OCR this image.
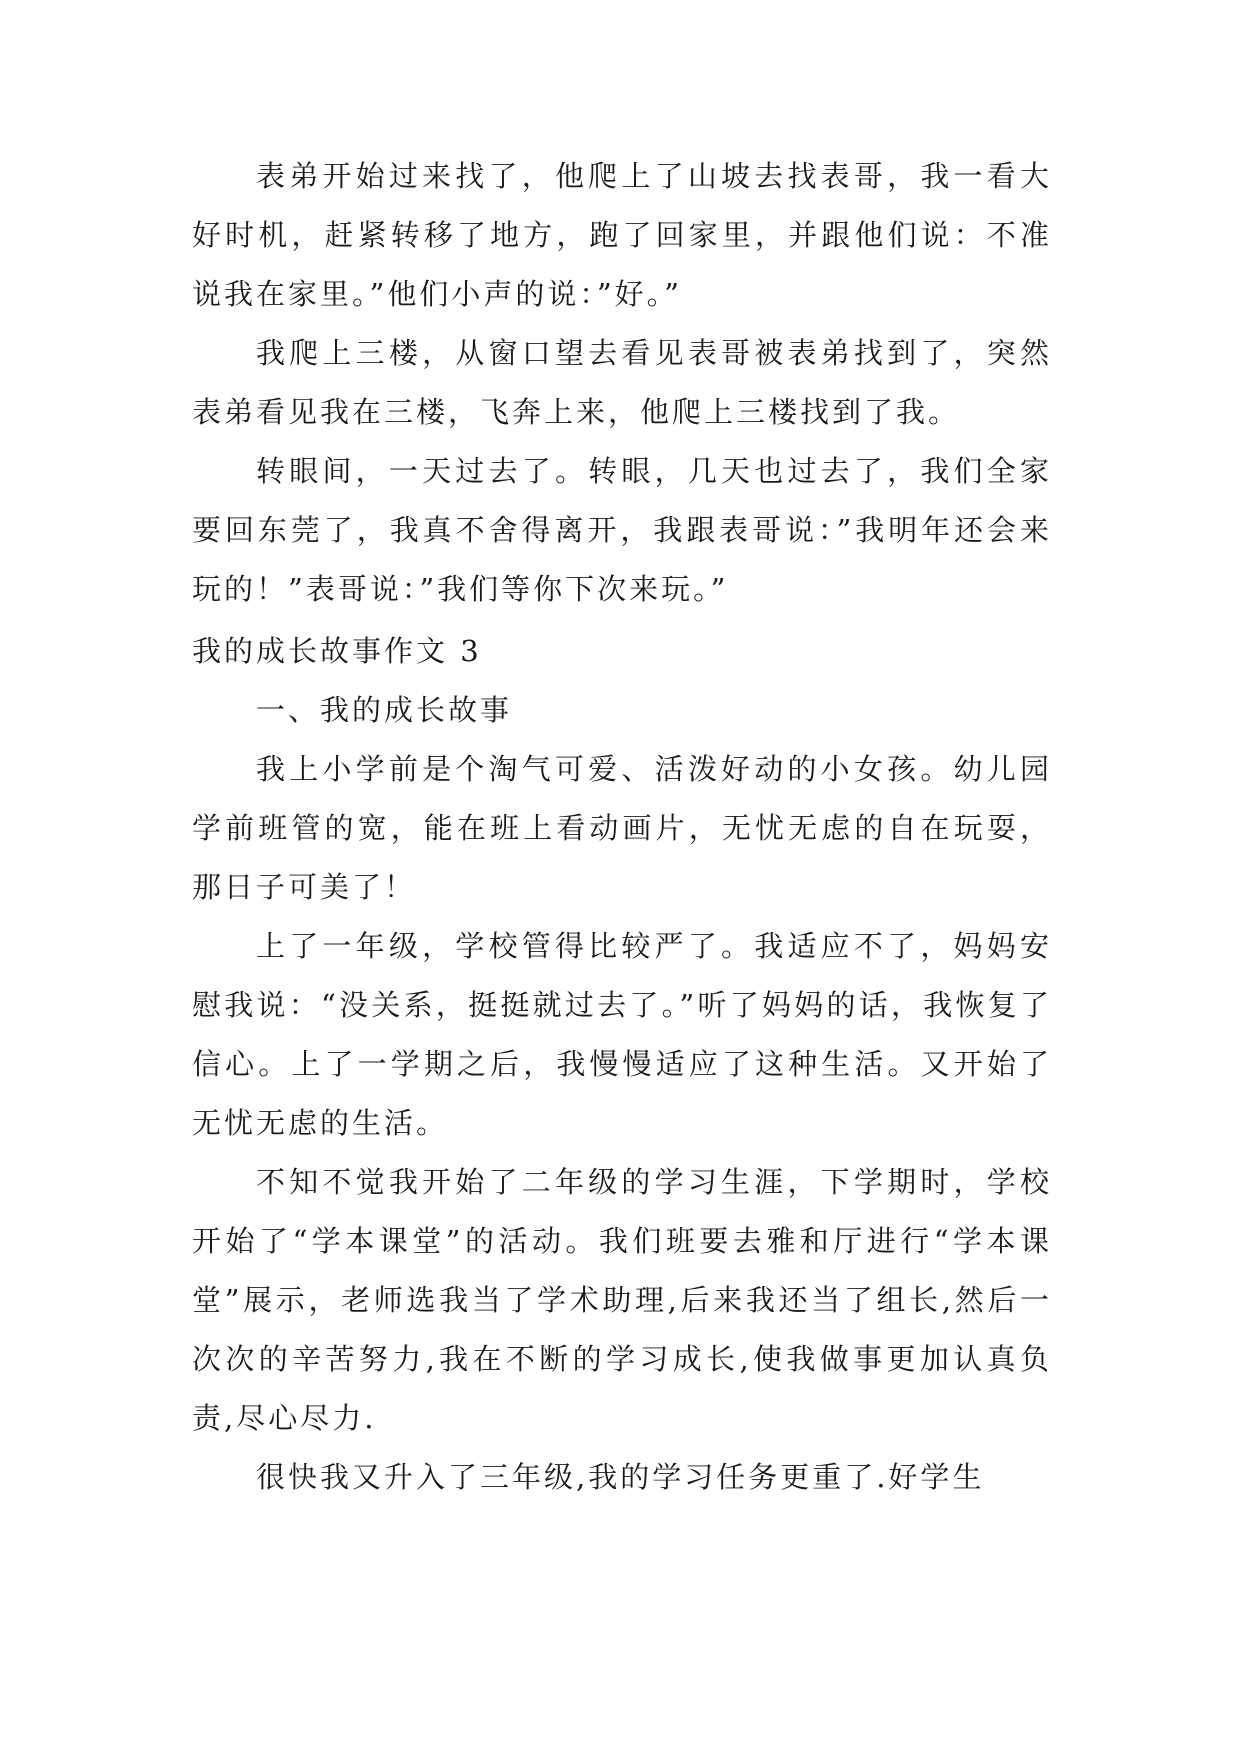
表弟开始过来找了，他爬上了山坡去找表哥，我一看大好时机，赶紧转移了地方，跑了回家里，并跟他们说：不准说我在家里。”他们小声的说：”好。”

我爬上三楼，从窗口望去看见表哥被表弟找到了，突然表弟看见我在三楼，飞奔上来，他爬上三楼找到了我。

转眼间，一天过去了。转眼，几天也过去了，我们全家要回东莞了，我真不舍得离开，我跟表哥说：”我明年还会来玩的！”表哥说：”我们等你下次来玩。”

我的成长故事作文 3

一、我的成长故事

我上小学前是个淘气可爱、活泼好动的小女孩。幼儿园学前班管的宽，能在班上看动画片，无忧无虑的自在玩耍，那日子可美了！

上了一年级，学校管得比较严了。我适应不了，妈妈安慰我说：“没关系，挺挺就过去了。”听了妈妈的话，我恢复了信心。上了一学期之后，我慢慢适应了这种生活。又开始了无忧无虑的生活。

不知不觉我开始了二年级的学习生涯，下学期时，学校开始了“学本课堂”的活动。我们班要去雅和厅进行“学本课堂”展示，老师选我当了学术助理,后来我还当了组长,然后一次次的辛苦努力,我在不断的学习成长,使我做事更加认真负责,尽心尽力.

很快我又升入了三年级,我的学习任务更重了.好学生
